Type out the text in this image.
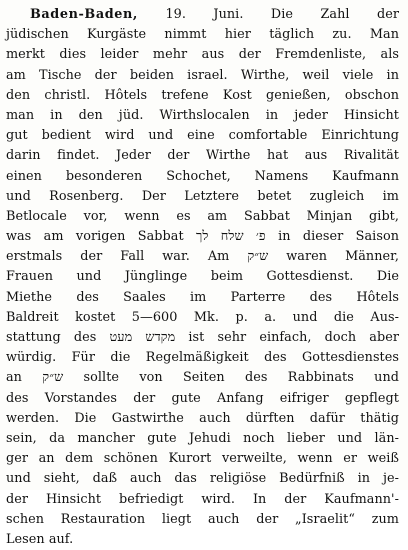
Baden-Baden, 19. Juni. Die Zahl der
jüdischen Kurgäste nimmt hier täglich zu. Man
merkt dies leider mehr aus der Fremdenliste, als
am Tische der beiden israel. Wirthe, weil viele in
den christl. Hôtels trefene Kost genießen, obschon
man in den jüd. Wirthslocalen in jeder Hinsicht
gut bedient wird und eine comfortable Einrichtung
darin findet. Jeder der Wirthe hat aus Rivalität
einen besonderen Schochet, Namens Kaufmann
und Rosenberg. Der Letztere betet zugleich im
Betlocale vor, wenn es am Sabbat Minjan gibt,
was am vorigen Sabbat פ׳ שלח לך in dieser Saison
erstmals der Fall war. Am ש״ק waren Männer,
Frauen und Jünglinge beim Gottesdienst. Die
Miethe des Saales im Parterre des Hôtels
Baldreit kostet 5—600 Mk. p. a. und die Aus-
stattung des מקדש מעט ist sehr einfach, doch aber
würdig. Für die Regelmäßigkeit des Gottesdienstes
an ש״ק sollte von Seiten des Rabbinats und
des Vorstandes der gute Anfang eifriger gepflegt
werden. Die Gastwirthe auch dürften dafür thätig
sein, da mancher gute Jehudi noch lieber und län-
ger an dem schönen Kurort verweilte, wenn er weiß
und sieht, daß auch das religiöse Bedürfniß in je-
der Hinsicht befriedigt wird. In der Kaufmann'-
schen Restauration liegt auch der „Israelit“ zum
Lesen auf.
